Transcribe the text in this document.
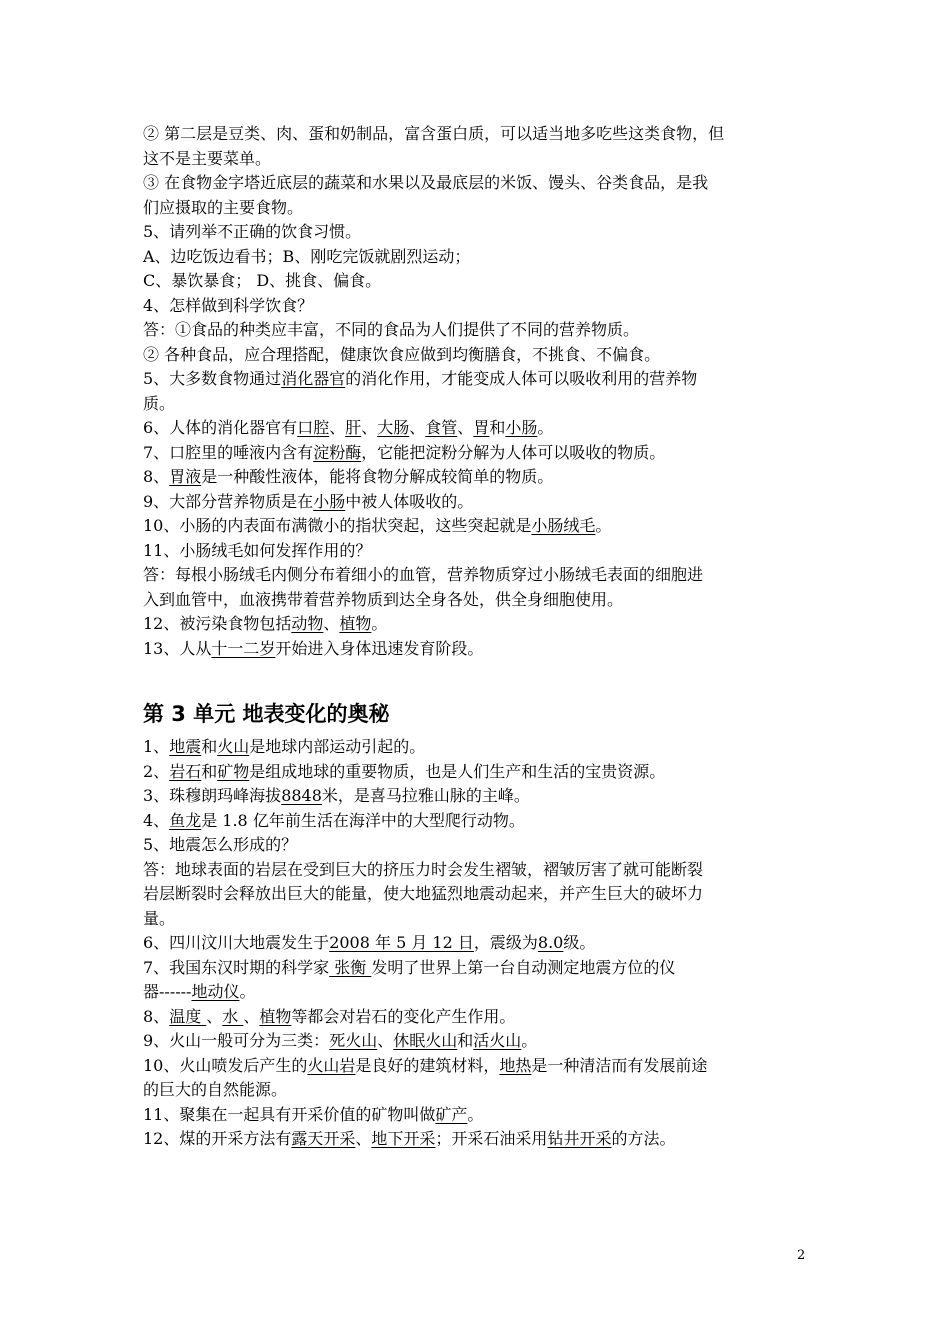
② 第二层是豆类、肉、蛋和奶制品，富含蛋白质，可以适当地多吃些这类食物，但
这不是主要菜单。
③ 在食物金字塔近底层的蔬菜和水果以及最底层的米饭、馒头、谷类食品，是我
们应摄取的主要食物。
5、请列举不正确的饮食习惯。
A、边吃饭边看书；B、刚吃完饭就剧烈运动；
C、暴饮暴食； D、挑食、偏食。
4、怎样做到科学饮食？
答：①食品的种类应丰富，不同的食品为人们提供了不同的营养物质。
② 各种食品，应合理搭配，健康饮食应做到均衡膳食，不挑食、不偏食。
5、大多数食物通过消化器官的消化作用，才能变成人体可以吸收利用的营养物
质。
6、人体的消化器官有口腔、肝、大肠、食管、胃和小肠。
7、口腔里的唾液内含有淀粉酶，它能把淀粉分解为人体可以吸收的物质。
8、胃液是一种酸性液体，能将食物分解成较简单的物质。
9、大部分营养物质是在小肠中被人体吸收的。
10、小肠的内表面布满微小的指状突起，这些突起就是小肠绒毛。
11、小肠绒毛如何发挥作用的？
答：每根小肠绒毛内侧分布着细小的血管，营养物质穿过小肠绒毛表面的细胞进
入到血管中，血液携带着营养物质到达全身各处，供全身细胞使用。
12、被污染食物包括动物、植物。
13、人从十一二岁开始进入身体迅速发育阶段。
第 3 单元 地表变化的奥秘
1、地震和火山是地球内部运动引起的。
2、岩石和矿物是组成地球的重要物质，也是人们生产和生活的宝贵资源。
3、珠穆朗玛峰海拔8848米，是喜马拉雅山脉的主峰。
4、鱼龙是 1.8 亿年前生活在海洋中的大型爬行动物。
5、地震怎么形成的？
答：地球表面的岩层在受到巨大的挤压力时会发生褶皱，褶皱厉害了就可能断裂
岩层断裂时会释放出巨大的能量，使大地猛烈地震动起来，并产生巨大的破坏力
量。
6、四川汶川大地震发生于2008 年 5 月 12 日，震级为8.0级。
7、我国东汉时期的科学家 张衡 发明了世界上第一台自动测定地震方位的仪
器------地动仪。
8、温度 、水 、植物等都会对岩石的变化产生作用。
9、火山一般可分为三类：死火山、休眠火山和活火山。
10、火山喷发后产生的火山岩是良好的建筑材料，地热是一种清洁而有发展前途
的巨大的自然能源。
11、聚集在一起具有开采价值的矿物叫做矿产。
12、煤的开采方法有露天开采、地下开采；开采石油采用钻井开采的方法。
2
